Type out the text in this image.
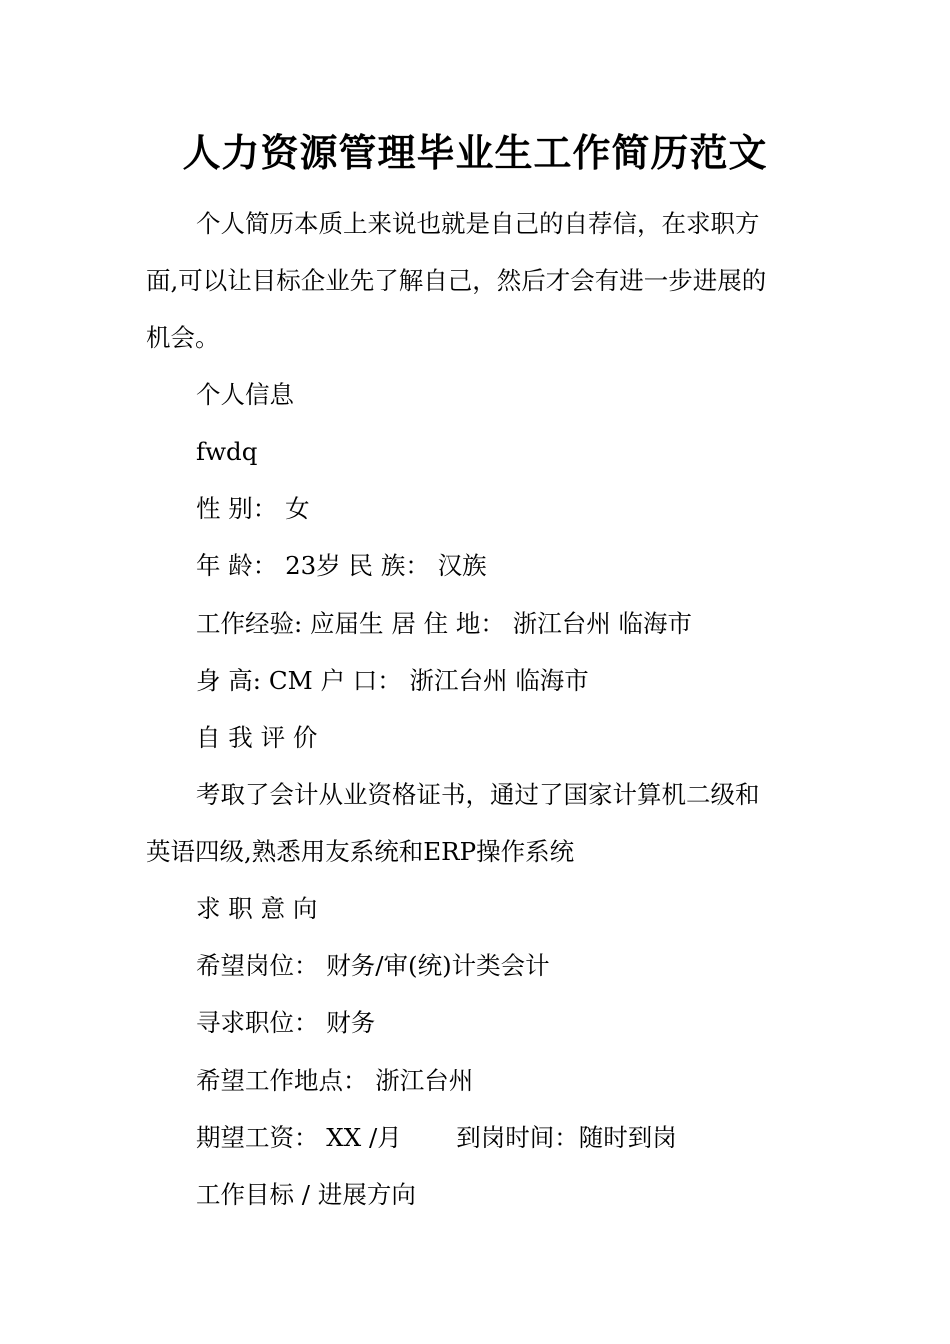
人力资源管理毕业生工作简历范文
个人简历本质上来说也就是自己的自荐信，在求职方
面,可以让目标企业先了解自己，然后才会有进一步进展的
机会。
个人信息
fwdq
性 别： 女
年 龄： 23岁 民 族： 汉族
工作经验: 应届生 居 住 地： 浙江台州 临海市
身 高: CM 户 口： 浙江台州 临海市
自 我 评 价
考取了会计从业资格证书，通过了国家计算机二级和
英语四级,熟悉用友系统和ERP操作系统
求 职 意 向
希望岗位： 财务/审(统)计类会计
寻求职位： 财务
希望工作地点： 浙江台州
期望工资： XX /月       到岗时间：随时到岗
工作目标 / 进展方向
